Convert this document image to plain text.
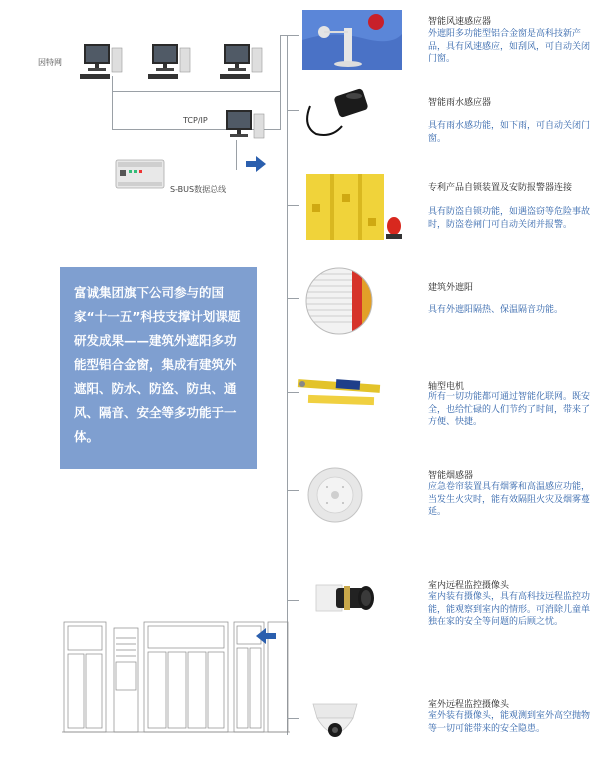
因特网
TCP/IP
S-BUS数据总线
富诚集团旗下公司参与的国家“十一五”科技支撑计划课题研发成果——建筑外遮阳多功能型铝合金窗，集成有建筑外遮阳、防水、防盗、防虫、通风、隔音、安全等多功能于一体。
智能风速感应器
外遮阳多功能型铝合金窗是高科技新产品，具有风速感应，如刮风，可自动关闭门窗。
智能雨水感应器
具有雨水感功能，如下雨，可自动关闭门窗。
专利产品自锁装置及安防报警器连接
具有防盗自锁功能，如遇盗窃等危险事故时，防盗卷闸门可自动关闭并报警。
建筑外遮阳
具有外遮阳隔热、保温隔音功能。
轴型电机
所有一切功能都可通过智能化联网。既安全，也给忙碌的人们节约了时间，带来了方便、快捷。
智能烟感器
应急卷帘装置具有烟雾和高温感应功能，当发生火灾时，能有效隔阻火灾及烟雾蔓延。
室内远程监控摄像头
室内装有摄像头，具有高科技远程监控功能，能观察到室内的情形。可消除儿童单独在家的安全等问题的后顾之忧。
室外远程监控摄像头
室外装有摄像头，能观测到室外高空抛物等一切可能带来的安全隐患。
